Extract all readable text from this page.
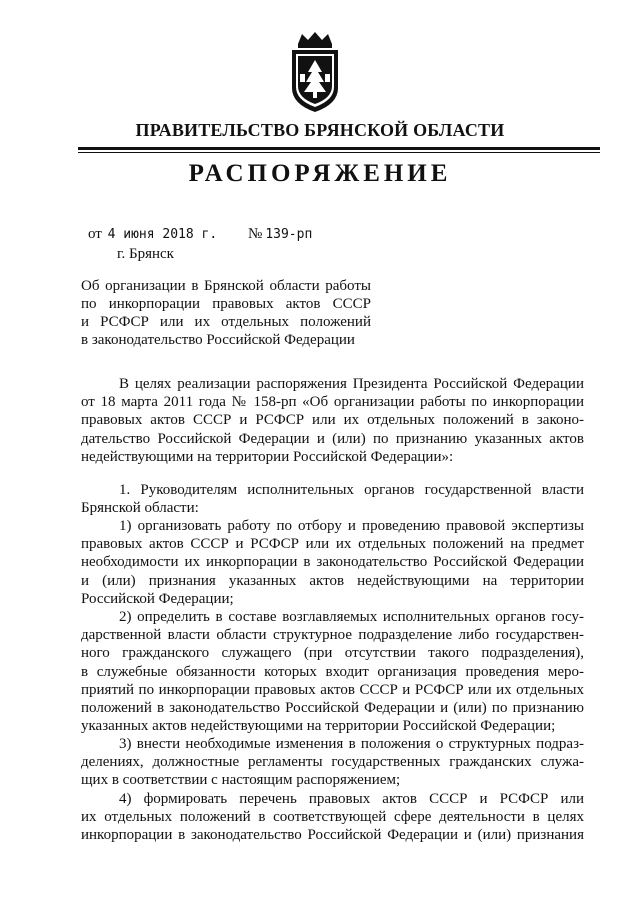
ПРАВИТЕЛЬСТВО БРЯНСКОЙ ОБЛАСТИ
РАСПОРЯЖЕНИЕ
от 4 июня 2018 г. № 139-рп
г. Брянск
Об организации в Брянской области работы
по инкорпорации правовых актов СССР
и РСФСР или их отдельных положений
в законодательство Российской Федерации
В целях реализации распоряжения Президента Российской Федерации
от 18 марта 2011 года № 158-рп «Об организации работы по инкорпорации
правовых актов СССР и РСФСР или их отдельных положений в законо-
дательство Российской Федерации и (или) по признанию указанных актов
недействующими на территории Российской Федерации»:
1. Руководителям исполнительных органов государственной власти
Брянской области:
1) организовать работу по отбору и проведению правовой экспертизы
правовых актов СССР и РСФСР или их отдельных положений на предмет
необходимости их инкорпорации в законодательство Российской Федерации
и (или) признания указанных актов недействующими на территории
Российской Федерации;
2) определить в составе возглавляемых исполнительных органов госу-
дарственной власти области структурное подразделение либо государствен-
ного гражданского служащего (при отсутствии такого подразделения),
в служебные обязанности которых входит организация проведения меро-
приятий по инкорпорации правовых актов СССР и РСФСР или их отдельных
положений в законодательство Российской Федерации и (или) по признанию
указанных актов недействующими на территории Российской Федерации;
3) внести необходимые изменения в положения о структурных подраз-
делениях, должностные регламенты государственных гражданских служа-
щих в соответствии с настоящим распоряжением;
4) формировать перечень правовых актов СССР и РСФСР или
их отдельных положений в соответствующей сфере деятельности в целях
инкорпорации в законодательство Российской Федерации и (или) признания
